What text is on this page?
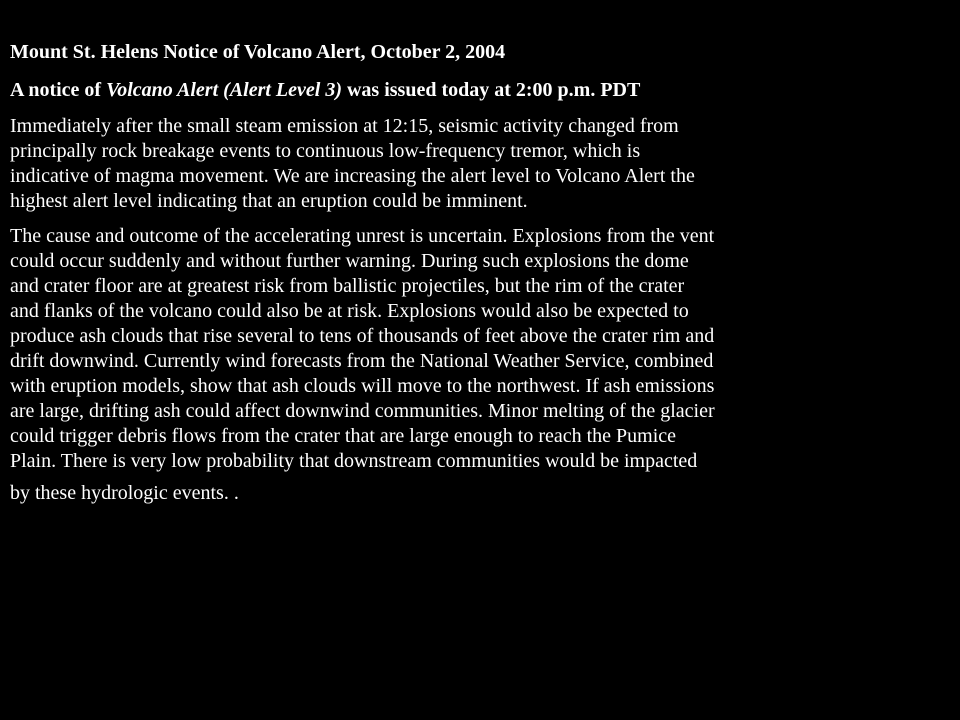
Mount St. Helens Notice of Volcano Alert, October 2, 2004
A notice of Volcano Alert (Alert Level 3) was issued today at 2:00 p.m. PDT
Immediately after the small steam emission at 12:15, seismic activity changed from
principally rock breakage events to continuous low-frequency tremor, which is
indicative of magma movement. We are increasing the alert level to Volcano Alert the
highest alert level indicating that an eruption could be imminent.
The cause and outcome of the accelerating unrest is uncertain. Explosions from the vent
could occur suddenly and without further warning. During such explosions the dome
and crater floor are at greatest risk from ballistic projectiles, but the rim of the crater
and flanks of the volcano could also be at risk. Explosions would also be expected to
produce ash clouds that rise several to tens of thousands of feet above the crater rim and
drift downwind. Currently wind forecasts from the National Weather Service, combined
with eruption models, show that ash clouds will move to the northwest. If ash emissions
are large, drifting ash could affect downwind communities. Minor melting of the glacier
could trigger debris flows from the crater that are large enough to reach the Pumice
Plain. There is very low probability that downstream communities would be impacted
by these hydrologic events. .
